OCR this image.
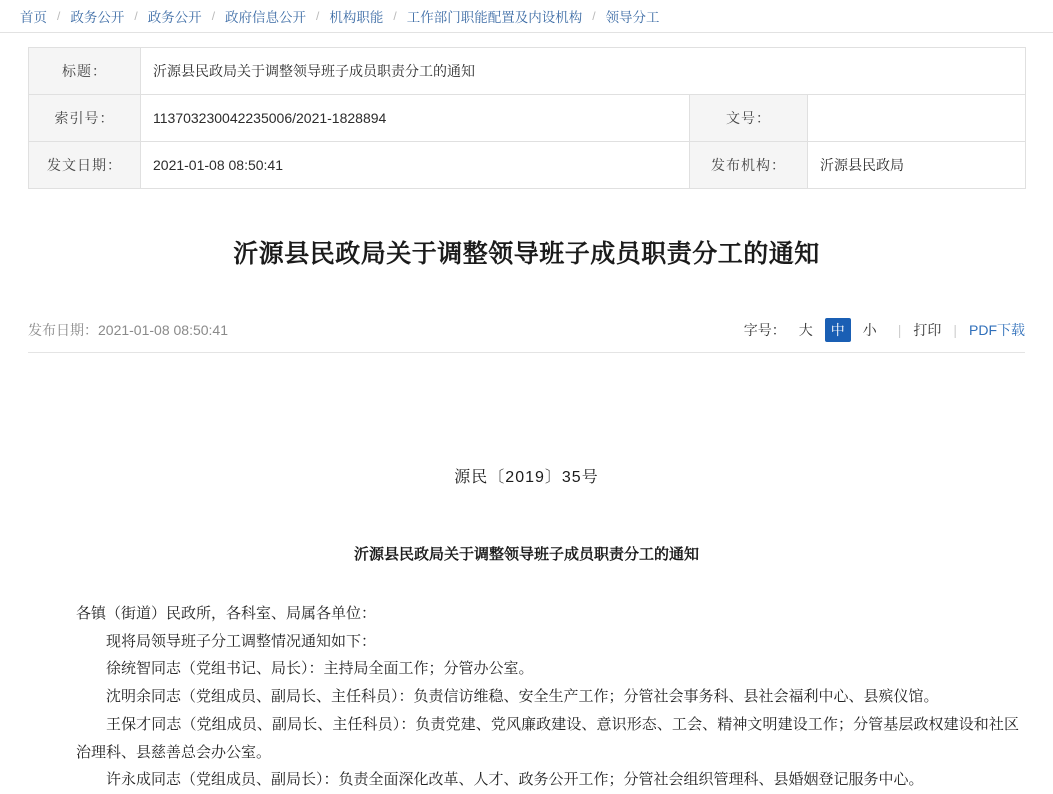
首页 / 政务公开 / 政务公开 / 政府信息公开 / 机构职能 / 工作部门职能配置及内设机构 / 领导分工
标题：	沂源县民政局关于调整领导班子成员职责分工的通知		
索引号：	113703230042235006/2021-1828894	文号：	
发文日期：	2021-01-08 08:50:41	发布机构：	沂源县民政局
沂源县民政局关于调整领导班子成员职责分工的通知
发布日期：2021-01-08 08:50:41	字号： 大	中	小	| 打印 | PDF下载
源民〔2019〕35号
沂源县民政局关于调整领导班子成员职责分工的通知

各镇（街道）民政所，各科室、局属各单位：

现将局领导班子分工调整情况通知如下：

徐统智同志（党组书记、局长）：主持局全面工作；分管办公室。

沈明余同志（党组成员、副局长、主任科员）：负责信访维稳、安全生产工作；分管社会事务科、县社会福利中心、县殡仪馆。

王保才同志（党组成员、副局长、主任科员）：负责党建、党风廉政建设、意识形态、工会、精神文明建设工作；分管基层政权建设和社区治理科、县慈善总会办公室。

许永成同志（党组成员、副局长）：负责全面深化改革、人才、政务公开工作；分管社会组织管理科、县婚姻登记服务中心。
